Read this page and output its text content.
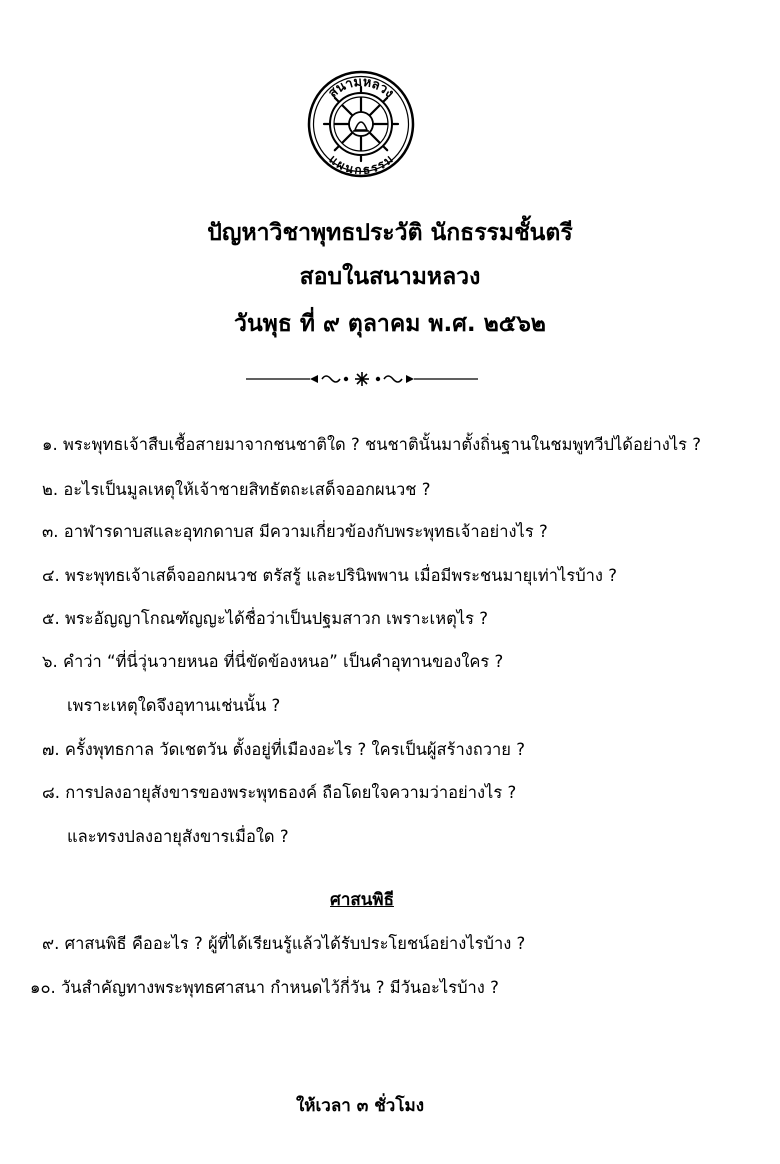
สนามหลวง
แผนกธรรม
ปัญหาวิชาพุทธประวัติ นักธรรมชั้นตรี
สอบในสนามหลวง
วันพุธ ที่ ๙ ตุลาคม พ.ศ. ๒๕๖๒
๑. พระพุทธเจ้าสืบเชื้อสายมาจากชนชาติใด ? ชนชาตินั้นมาตั้งถิ่นฐานในชมพูทวีปได้อย่างไร ?
๒. อะไรเป็นมูลเหตุให้เจ้าชายสิทธัตถะเสด็จออกผนวช ?
๓. อาฬารดาบสและอุทกดาบส มีความเกี่ยวข้องกับพระพุทธเจ้าอย่างไร ?
๔. พระพุทธเจ้าเสด็จออกผนวช ตรัสรู้ และปรินิพพาน เมื่อมีพระชนมายุเท่าไรบ้าง ?
๕. พระอัญญาโกณฑัญญะได้ชื่อว่าเป็นปฐมสาวก เพราะเหตุไร ?
๖. คำว่า “ที่นี่วุ่นวายหนอ ที่นี่ขัดข้องหนอ” เป็นคำอุทานของใคร ?
เพราะเหตุใดจึงอุทานเช่นนั้น ?
๗. ครั้งพุทธกาล วัดเชตวัน ตั้งอยู่ที่เมืองอะไร ? ใครเป็นผู้สร้างถวาย ?
๘. การปลงอายุสังขารของพระพุทธองค์ ถือโดยใจความว่าอย่างไร ?
และทรงปลงอายุสังขารเมื่อใด ?
ศาสนพิธี
๙. ศาสนพิธี คืออะไร ? ผู้ที่ได้เรียนรู้แล้วได้รับประโยชน์อย่างไรบ้าง ?
๑๐. วันสำคัญทางพระพุทธศาสนา กำหนดไว้กี่วัน ? มีวันอะไรบ้าง ?
ให้เวลา ๓ ชั่วโมง
